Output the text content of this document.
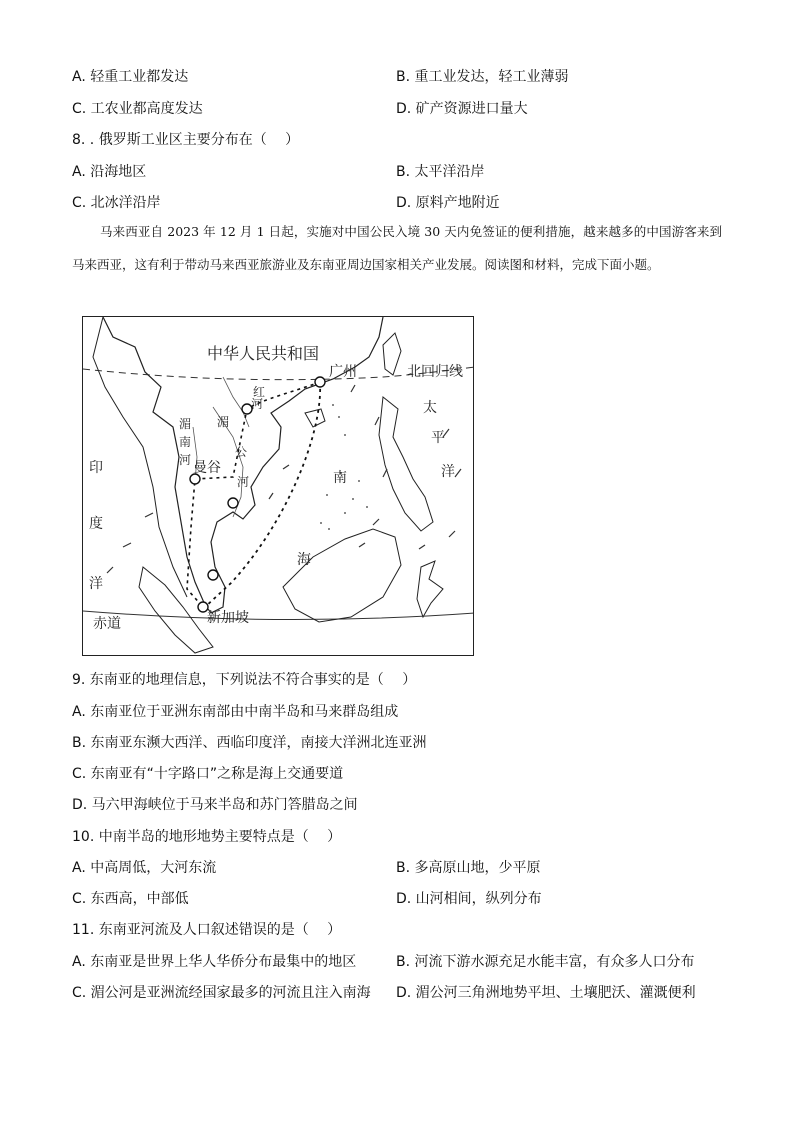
A. 轻重工业都发达	B. 重工业发达，轻工业薄弱
C. 工农业都高度发达	D. 矿产资源进口量大
8. . 俄罗斯工业区主要分布在（　 ）
A. 沿海地区	B. 太平洋沿岸
C. 北冰洋沿岸	D. 原料产地附近

马来西亚自 2023 年 12 月 1 日起，实施对中国公民入境 30 天内免签证的便利措施，越来越多的中国游客来到马来西亚，这有利于带动马来西亚旅游业及东南亚周边国家相关产业发展。阅读图和材料，完成下面小题。

中华人民共和国
广州	北回归线
太
平
洋
红
河
湄
南
河
湄
公
河
曼谷
印
度
洋
南
海
新加坡
赤道
9. 东南亚的地理信息，下列说法不符合事实的是（　 ）
A. 东南亚位于亚洲东南部由中南半岛和马来群岛组成
B. 东南亚东濒大西洋、西临印度洋，南接大洋洲北连亚洲
C. 东南亚有“十字路口”之称是海上交通要道
D. 马六甲海峡位于马来半岛和苏门答腊岛之间
10. 中南半岛的地形地势主要特点是（　 ）
A. 中高周低，大河东流	B. 多高原山地，少平原
C. 东西高，中部低	D. 山河相间，纵列分布
11. 东南亚河流及人口叙述错误的是（　 ）
A. 东南亚是世界上华人华侨分布最集中的地区	B. 河流下游水源充足水能丰富，有众多人口分布
C. 湄公河是亚洲流经国家最多的河流且注入南海 D. 湄公河三角洲地势平坦、土壤肥沃、灌溉便利
